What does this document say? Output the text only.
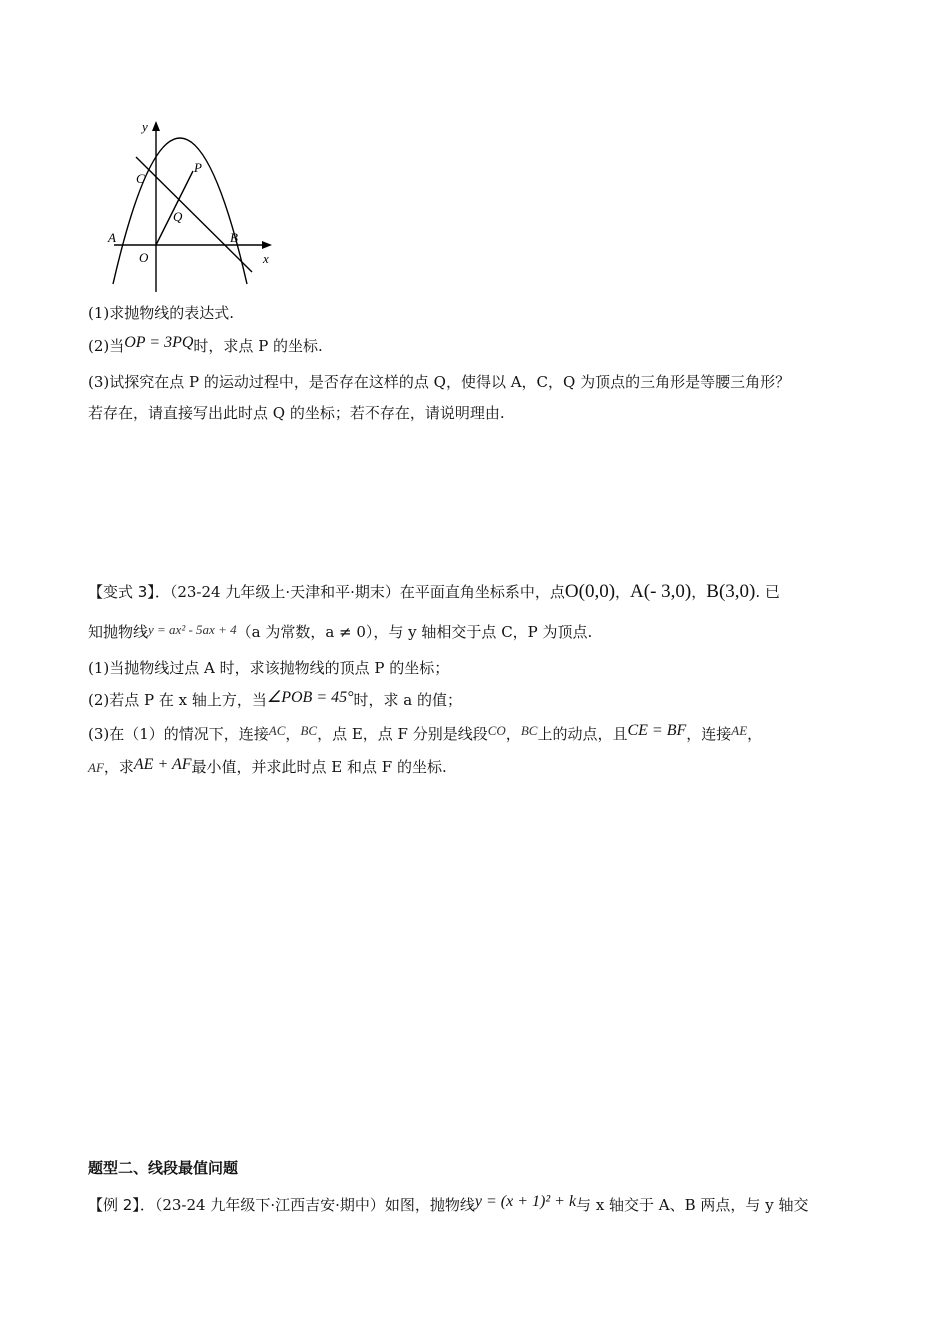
y
x
C
P
Q
A
O
B
(1)求抛物线的表达式.
(2)当OP = 3PQ时，求点 P 的坐标.
(3)试探究在点 P 的运动过程中，是否存在这样的点 Q，使得以 A，C，Q 为顶点的三角形是等腰三角形？
若存在，请直接写出此时点 Q 的坐标；若不存在，请说明理由.
【变式 3】．（23-24 九年级上·天津和平·期末）在平面直角坐标系中，点O(0,0)，A(- 3,0)，B(3,0). 已
知抛物线y = ax² - 5ax + 4（a 为常数，a ≠ 0），与 y 轴相交于点 C，P 为顶点.
(1)当抛物线过点 A 时，求该抛物线的顶点 P 的坐标；
(2)若点 P 在 x 轴上方，当∠POB = 45°时，求 a 的值；
(3)在（1）的情况下，连接AC，BC，点 E，点 F 分别是线段CO，BC上的动点，且CE = BF，连接AE，
AF，求AE + AF最小值，并求此时点 E 和点 F 的坐标.
题型二、线段最值问题
【例 2】．（23-24 九年级下·江西吉安·期中）如图，抛物线y = (x + 1)² + k与 x 轴交于 A、B 两点，与 y 轴交
